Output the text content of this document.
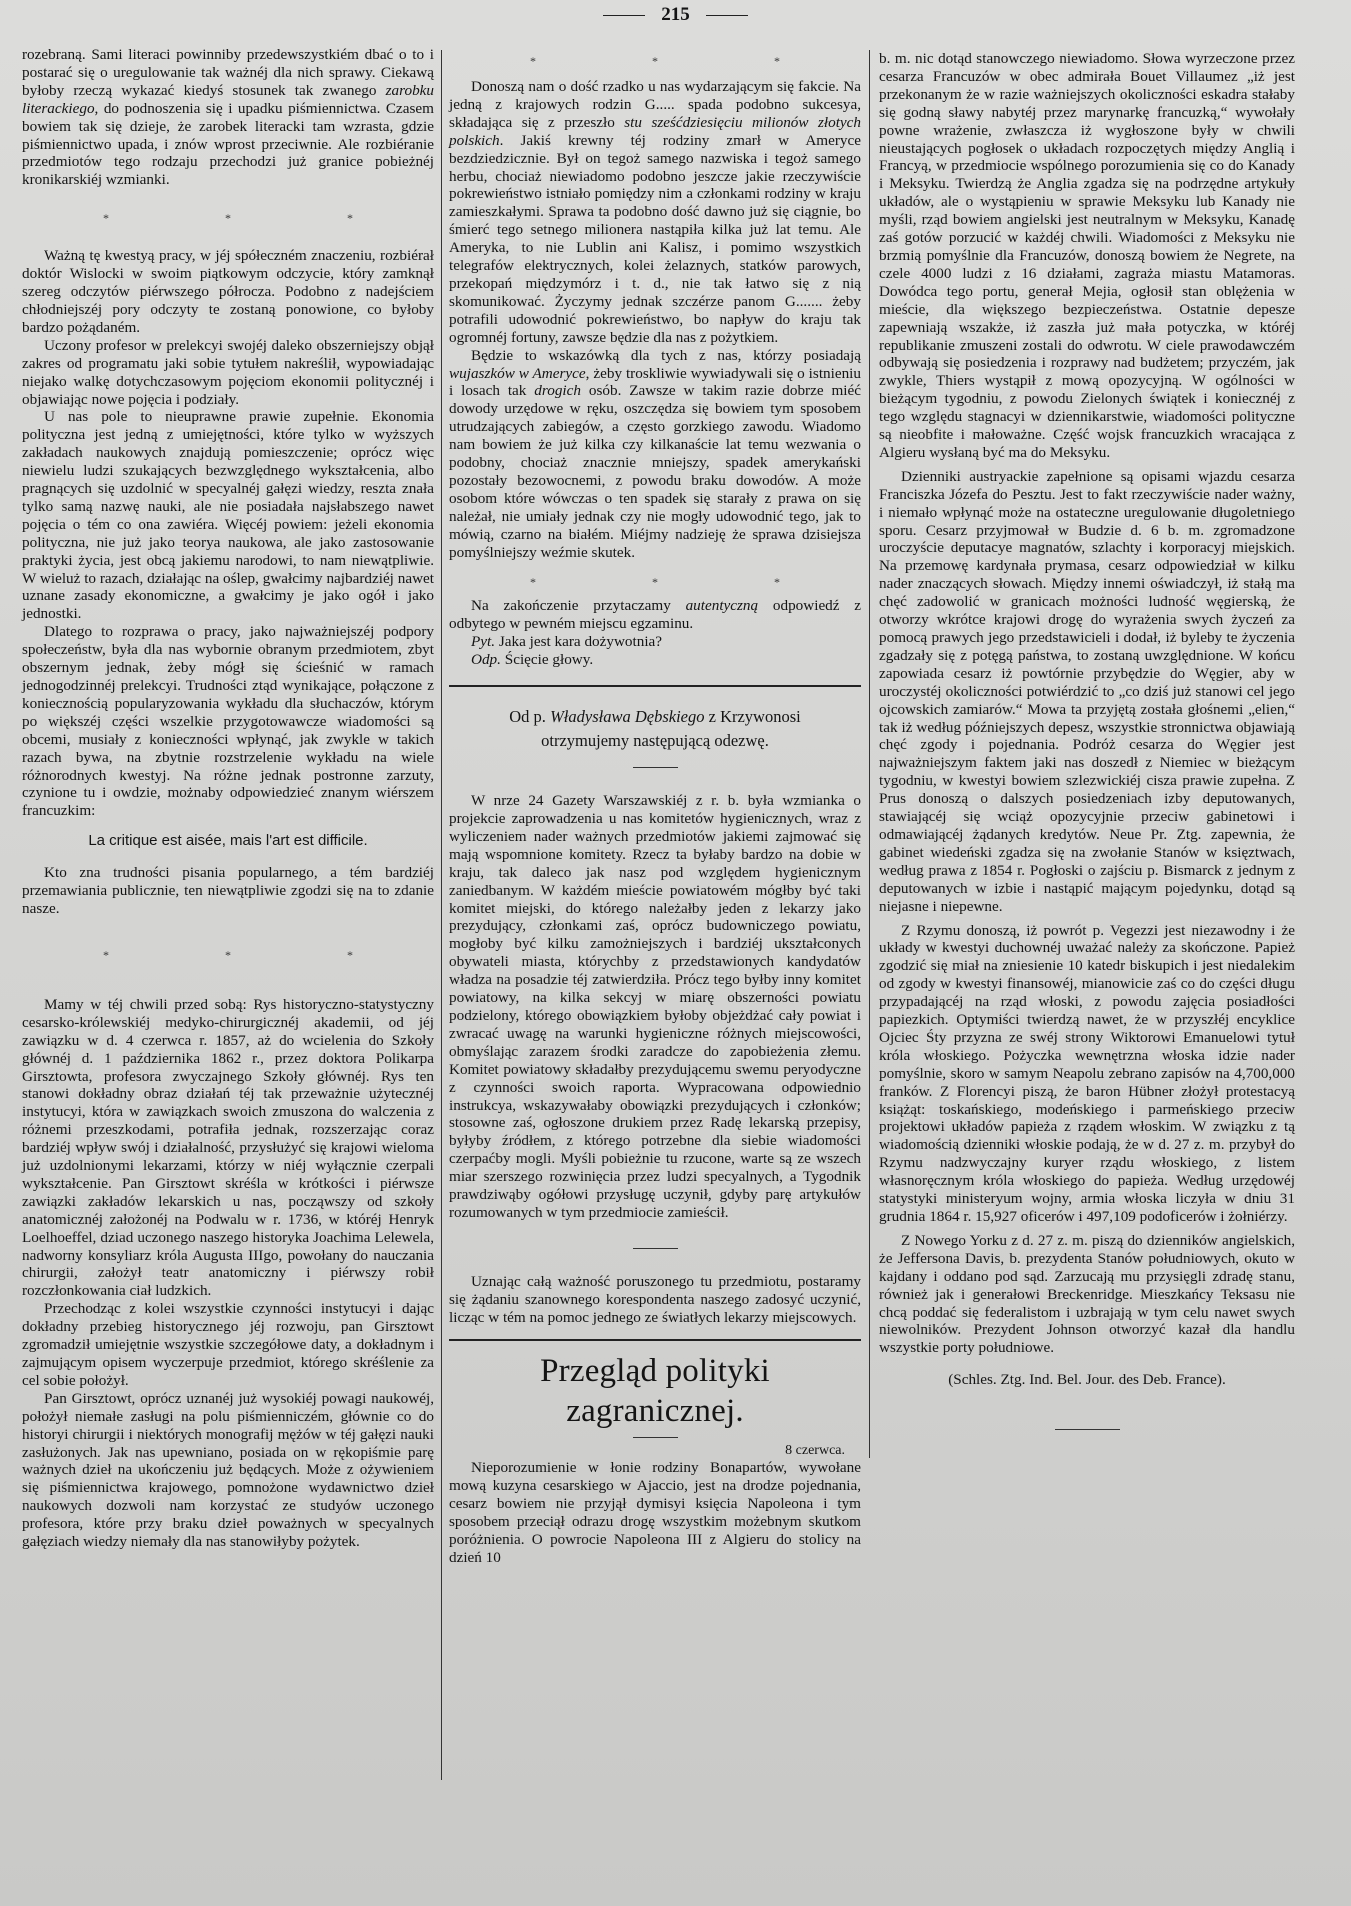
215

rozebraną. Sami literaci powinniby przedewszystkiém dbać o to i postarać się o uregulowanie tak ważnéj dla nich sprawy. Ciekawą byłoby rzeczą wykazać kiedyś stosunek tak zwanego zarobku literackiego, do podnoszenia się i upadku piśmiennictwa. Czasem bowiem tak się dzieje, że zarobek literacki tam wzrasta, gdzie piśmiennictwo upada, i znów wprost przeciwnie. Ale rozbiéranie przedmiotów tego rodzaju przechodzi już granice pobieżnéj kronikarskiéj wzmianki.

*	*	*

Ważną tę kwestyą pracy, w jéj spółeczném znaczeniu, rozbiérał doktór Wislocki w swoim piątkowym odczycie, który zamknął szereg odczytów piérwszego półrocza. Podobno z nadejściem chłodniejszéj pory odczyty te zostaną ponowione, co byłoby bardzo pożądaném.

Uczony profesor w prelekcyi swojéj daleko obszerniejszy objął zakres od programatu jaki sobie tytułem nakreślił, wypowiadając niejako walkę dotychczasowym pojęciom ekonomii politycznéj i objawiając nowe pojęcia i podziały.

U nas pole to nieuprawne prawie zupełnie. Ekonomia polityczna jest jedną z umiejętności, które tylko w wyższych zakładach naukowych znajdują pomieszczenie; oprócz więc niewielu ludzi szukających bezwzględnego wykształcenia, albo pragnących się uzdolnić w specyalnéj gałęzi wiedzy, reszta znała tylko samą nazwę nauki, ale nie posiadała najsłabszego nawet pojęcia o tém co ona zawiéra. Więcéj powiem: jeżeli ekonomia polityczna, nie już jako teorya naukowa, ale jako zastosowanie praktyki życia, jest obcą jakiemu narodowi, to nam niewątpliwie. W wieluż to razach, działając na oślep, gwałcimy najbardziéj nawet uznane zasady ekonomiczne, a gwałcimy je jako ogół i jako jednostki.

Dlatego to rozprawa o pracy, jako najważniejszéj podpory społeczeństw, była dla nas wybornie obranym przedmiotem, zbyt obszernym jednak, żeby mógł się ścieśnić w ramach jednogodzinnéj prelekcyi. Trudności ztąd wynikające, połączone z koniecznością popularyzowania wykładu dla słuchaczów, którym po większéj części wszelkie przygotowawcze wiadomości są obcemi, musiały z konieczności wpłynąć, jak zwykle w takich razach bywa, na zbytnie rozstrzelenie wykładu na wiele różnorodnych kwestyj. Na różne jednak postronne zarzuty, czynione tu i owdzie, możnaby odpowiedzieć znanym wiérszem francuzkim:

La critique est aisée, mais l'art est difficile.

Kto zna trudności pisania popularnego, a tém bardziéj przemawiania publicznie, ten niewątpliwie zgodzi się na to zdanie nasze.

*	*	*

Mamy w téj chwili przed sobą: Rys historyczno-statystyczny cesarsko-królewskiéj medyko-chirurgicznéj akademii, od jéj zawiązku w d. 4 czerwca r. 1857, aż do wcielenia do Szkoły głównéj d. 1 października 1862 r., przez doktora Polikarpa Girsztowta, profesora zwyczajnego Szkoły głównéj. Rys ten stanowi dokładny obraz działań téj tak przeważnie użytecznéj instytucyi, która w zawiązkach swoich zmuszona do walczenia z różnemi przeszkodami, potrafiła jednak, rozszerzając coraz bardziéj wpływ swój i działalność, przysłużyć się krajowi wieloma już uzdolnionymi lekarzami, którzy w niéj wyłącznie czerpali wykształcenie. Pan Girsztowt skréśla w krótkości i piérwsze zawiązki zakładów lekarskich u nas, począwszy od szkoły anatomicznéj założonéj na Podwalu w r. 1736, w któréj Henryk Loelhoeffel, dziad uczonego naszego historyka Joachima Lelewela, nadworny konsyliarz króla Augusta IIIgo, powołany do nauczania chirurgii, założył teatr anatomiczny i piérwszy robił rozczłonkowania ciał ludzkich.

Przechodząc z kolei wszystkie czynności instytucyi i dając dokładny przebieg historycznego jéj rozwoju, pan Girsztowt zgromadził umiejętnie wszystkie szczegółowe daty, a dokładnym i zajmującym opisem wyczerpuje przedmiot, którego skréślenie za cel sobie położył.

Pan Girsztowt, oprócz uznanéj już wysokiéj powagi naukowéj, położył niemałe zasługi na polu piśmienniczém, głównie co do historyi chirurgii i niektórych monografij mężów w téj gałęzi nauki zasłużonych. Jak nas upewniano, posiada on w rękopiśmie parę ważnych dzieł na ukończeniu już będących. Może z ożywieniem się piśmiennictwa krajowego, pomnożone wydawnictwo dzieł naukowych dozwoli nam korzystać ze studyów uczonego profesora, które przy braku dzieł poważnych w specyalnych gałęziach wiedzy niemały dla nas stanowiłyby pożytek.

*	*	*

Donoszą nam o dość rzadko u nas wydarzającym się fakcie. Na jedną z krajowych rodzin G..... spada podobno sukcesya, składająca się z przeszło stu sześćdziesięciu milionów złotych polskich. Jakiś krewny téj rodziny zmarł w Ameryce bezdziedzicznie. Był on tegoż samego nazwiska i tegoż samego herbu, chociaż niewiadomo podobno jeszcze jakie rzeczywiście pokrewieństwo istniało pomiędzy nim a członkami rodziny w kraju zamieszkałymi. Sprawa ta podobno dość dawno już się ciągnie, bo śmierć tego setnego milionera nastąpiła kilka już lat temu. Ale Ameryka, to nie Lublin ani Kalisz, i pomimo wszystkich telegrafów elektrycznych, kolei żelaznych, statków parowych, przekopań międzymórz i t. d., nie tak łatwo się z nią skomunikować. Życzymy jednak szczérze panom G....... żeby potrafili udowodnić pokrewieństwo, bo napływ do kraju tak ogromnéj fortuny, zawsze będzie dla nas z pożytkiem.

Będzie to wskazówką dla tych z nas, którzy posiadają wujaszków w Ameryce, żeby troskliwie wywiadywali się o istnieniu i losach tak drogich osób. Zawsze w takim razie dobrze miéć dowody urzędowe w ręku, oszczędza się bowiem tym sposobem utrudzających zabiegów, a często gorzkiego zawodu. Wiadomo nam bowiem że już kilka czy kilkanaście lat temu wezwania o podobny, chociaż znacznie mniejszy, spadek amerykański pozostały bezowocnemi, z powodu braku dowodów. A może osobom które wówczas o ten spadek się starały z prawa on się należał, nie umiały jednak czy nie mogły udowodnić tego, jak to mówią, czarno na białém. Miéjmy nadzieję że sprawa dzisiejsza pomyślniejszy weźmie skutek.

*	*	*

Na zakończenie przytaczamy autentyczną odpowiedź z odbytego w pewném miejscu egzaminu.

Pyt. Jaka jest kara dożywotnia?

Odp. Ścięcie głowy.

Od p. Władysława Dębskiego z Krzywonosi
otrzymujemy następującą odezwę.

W nrze 24 Gazety Warszawskiéj z r. b. była wzmianka o projekcie zaprowadzenia u nas komitetów hygienicznych, wraz z wyliczeniem nader ważnych przedmiotów jakiemi zajmować się mają wspomnione komitety. Rzecz ta byłaby bardzo na dobie w kraju, tak daleco jak nasz pod względem hygienicznym zaniedbanym. W każdém mieście powiatowém mógłby być taki komitet miejski, do którego należałby jeden z lekarzy jako prezydujący, członkami zaś, oprócz budowniczego powiatu, mogłoby być kilku zamożniejszych i bardziéj ukształconych obywateli miasta, którychby z przedstawionych kandydatów władza na posadzie téj zatwierdziła. Prócz tego byłby inny komitet powiatowy, na kilka sekcyj w miarę obszerności powiatu podzielony, którego obowiązkiem byłoby objeżdżać cały powiat i zwracać uwagę na warunki hygieniczne różnych miejscowości, obmyślając zarazem środki zaradcze do zapobieżenia złemu. Komitet powiatowy składałby prezydującemu swemu peryodyczne z czynności swoich raporta. Wypracowana odpowiednio instrukcya, wskazywałaby obowiązki prezydujących i członków; stosowne zaś, ogłoszone drukiem przez Radę lekarską przepisy, byłyby źródłem, z którego potrzebne dla siebie wiadomości czerpaćby mogli. Myśli pobieżnie tu rzucone, warte są ze wszech miar szerszego rozwinięcia przez ludzi specyalnych, a Tygodnik prawdziwąby ogółowi przysługę uczynił, gdyby parę artykułów rozumowanych w tym przedmiocie zamieścił.

Uznając całą ważność poruszonego tu przedmiotu, postaramy się żądaniu szanownego korespondenta naszego zadosyć uczynić, licząc w tém na pomoc jednego ze światłych lekarzy miejscowych.

Przegląd polityki zagranicznej.
8 czerwca.

Nieporozumienie w łonie rodziny Bonapartów, wywołane mową kuzyna cesarskiego w Ajaccio, jest na drodze pojednania, cesarz bowiem nie przyjął dymisyi księcia Napoleona i tym sposobem przeciął odrazu drogę wszystkim możebnym skutkom poróżnienia. O powrocie Napoleona III z Algieru do stolicy na dzień 10

b. m. nic dotąd stanowczego niewiadomo. Słowa wyrzeczone przez cesarza Francuzów w obec admirała Bouet Villaumez „iż jest przekonanym że w razie ważniejszych okoliczności eskadra stałaby się godną sławy nabytéj przez marynarkę francuzką,“ wywołały powne wrażenie, zwłaszcza iż wygłoszone były w chwili nieustających pogłosek o układach rozpoczętych między Anglią i Francyą, w przedmiocie wspólnego porozumienia się co do Kanady i Meksyku. Twierdzą że Anglia zgadza się na podrzędne artykuły układów, ale o wystąpieniu w sprawie Meksyku lub Kanady nie myśli, rząd bowiem angielski jest neutralnym w Meksyku, Kanadę zaś gotów porzucić w każdéj chwili. Wiadomości z Meksyku nie brzmią pomyślnie dla Francuzów, donoszą bowiem że Negrete, na czele 4000 ludzi z 16 działami, zagraża miastu Matamoras. Dowódca tego portu, generał Mejia, ogłosił stan oblężenia w mieście, dla większego bezpieczeństwa. Ostatnie depesze zapewniają wszakże, iż zaszła już mała potyczka, w któréj republikanie zmuszeni zostali do odwrotu. W ciele prawodawczém odbywają się posiedzenia i rozprawy nad budżetem; przyczém, jak zwykle, Thiers wystąpił z mową opozycyjną. W ogólności w bieżącym tygodniu, z powodu Zielonych świątek i koniecznéj z tego względu stagnacyi w dziennikarstwie, wiadomości polityczne są nieobfite i małoważne. Część wojsk francuzkich wracająca z Algieru wysłaną być ma do Meksyku.

Dzienniki austryackie zapełnione są opisami wjazdu cesarza Franciszka Józefa do Pesztu. Jest to fakt rzeczywiście nader ważny, i niemało wpłynąć może na ostateczne uregulowanie długoletniego sporu. Cesarz przyjmował w Budzie d. 6 b. m. zgromadzone uroczyście deputacye magnatów, szlachty i korporacyj miejskich. Na przemowę kardynała prymasa, cesarz odpowiedział w kilku nader znaczących słowach. Między innemi oświadczył, iż stałą ma chęć zadowolić w granicach możności ludność węgierską, że otworzy wkrótce krajowi drogę do wyrażenia swych życzeń za pomocą prawych jego przedstawicieli i dodał, iż byleby te życzenia zgadzały się z potęgą państwa, to zostaną uwzględnione. W końcu zapowiada cesarz iż powtórnie przybędzie do Węgier, aby w uroczystéj okoliczności potwiérdzić to „co dziś już stanowi cel jego ojcowskich zamiarów.“ Mowa ta przyjętą została głośnemi „elien,“ tak iż według późniejszych depesz, wszystkie stronnictwa objawiają chęć zgody i pojednania. Podróż cesarza do Węgier jest najważniejszym faktem jaki nas doszedł z Niemiec w bieżącym tygodniu, w kwestyi bowiem szlezwickiéj cisza prawie zupełna. Z Prus donoszą o dalszych posiedzeniach izby deputowanych, stawiającéj się wciąż opozycyjnie przeciw gabinetowi i odmawiającéj żądanych kredytów. Neue Pr. Ztg. zapewnia, że gabinet wiedeński zgadza się na zwołanie Stanów w księztwach, według prawa z 1854 r. Pogłoski o zajściu p. Bismarck z jednym z deputowanych w izbie i nastąpić mającym pojedynku, dotąd są niejasne i niepewne.

Z Rzymu donoszą, iż powrót p. Vegezzi jest niezawodny i że układy w kwestyi duchownéj uważać należy za skończone. Papież zgodzić się miał na zniesienie 10 katedr biskupich i jest niedalekim od zgody w kwestyi finansowéj, mianowicie zaś co do części długu przypadającéj na rząd włoski, z powodu zajęcia posiadłości papiezkich. Optymiści twierdzą nawet, że w przyszłéj encyklice Ojciec Śty przyzna ze swéj strony Wiktorowi Emanuelowi tytuł króla włoskiego. Pożyczka wewnętrzna włoska idzie nader pomyślnie, skoro w samym Neapolu zebrano zapisów na 4,700,000 franków. Z Florencyi piszą, że baron Hübner złożył protestacyą książąt: toskańskiego, modeńskiego i parmeńskiego przeciw projektowi układów papieża z rządem włoskim. W związku z tą wiadomością dzienniki włoskie podają, że w d. 27 z. m. przybył do Rzymu nadzwyczajny kuryer rządu włoskiego, z listem własnoręcznym króla włoskiego do papieża. Według urzędowéj statystyki ministeryum wojny, armia włoska liczyła w dniu 31 grudnia 1864 r. 15,927 oficerów i 497,109 podoficerów i żołniérzy.

Z Nowego Yorku z d. 27 z. m. piszą do dzienników angielskich, że Jeffersona Davis, b. prezydenta Stanów południowych, okuto w kajdany i oddano pod sąd. Zarzucają mu przysięgli zdradę stanu, również jak i generałowi Breckenridge. Mieszkańcy Teksasu nie chcą poddać się federalistom i uzbrajają w tym celu nawet swych niewolników. Prezydent Johnson otworzyć kazał dla handlu wszystkie porty południowe.

(Schles. Ztg. Ind. Bel. Jour. des Deb. France).
